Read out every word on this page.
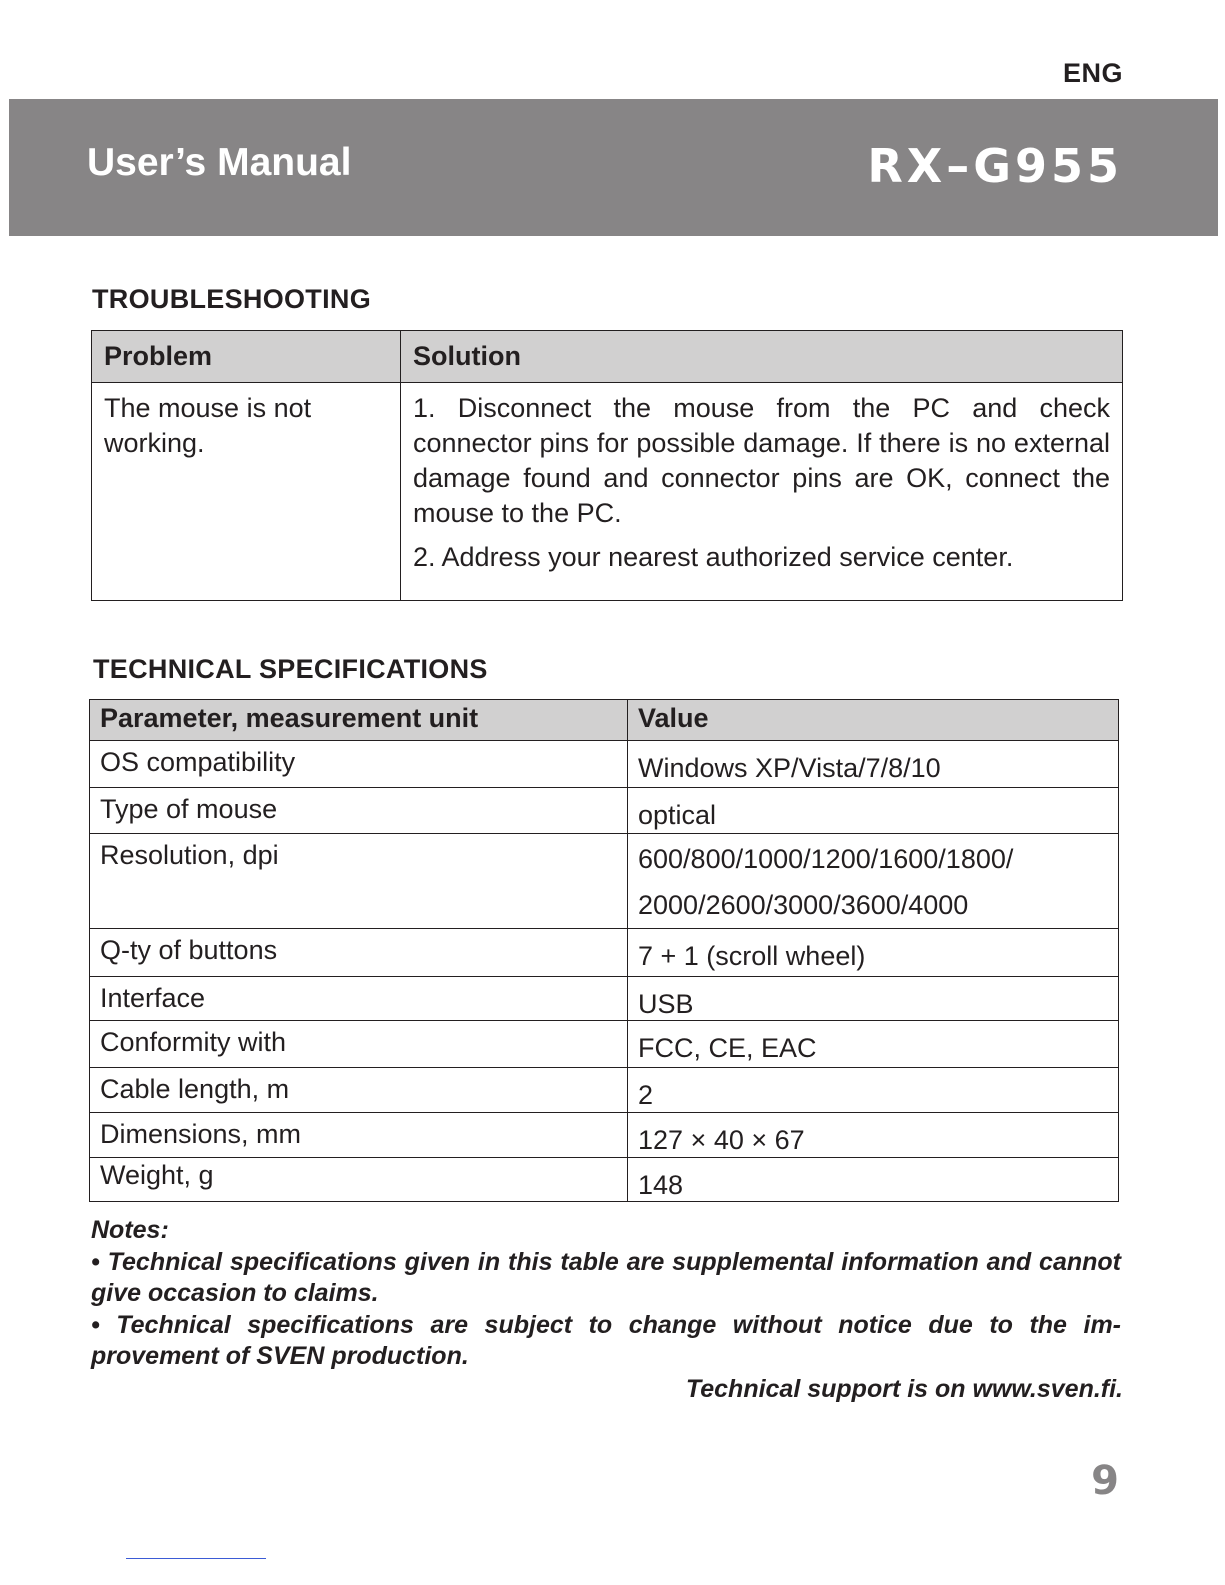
ENG
User’s Manual	RX–G955
TROUBLESHOOTING
Problem	Solution
The mouse is not working.	1. Disconnect the mouse from the PC and check connector pins for possible damage. If there is no external damage found and connector pins are OK, connect the mouse to the PC.

2. Address your nearest authorized service center.

TECHNICAL SPECIFICATIONS
Parameter, measurement unit	Value
OS compatibility	Windows XP/Vista/7/8/10
Type of mouse	optical
Resolution, dpi	600/800/1000/1200/1600/1800/
2000/2600/3000/3600/4000

Q-ty of buttons	7 + 1 (scroll wheel)
Interface	USB
Conformity with	FCC, CE, EAC
Cable length, m	2
Dimensions, mm	127 × 40 × 67
Weight, g	148

Notes:

• Technical specifications given in this table are supplemental information and cannot give occasion to claims.

• Technical specifications are subject to change without notice due to the im-provement of SVEN production.

Technical support is on www.sven.fi.
9
